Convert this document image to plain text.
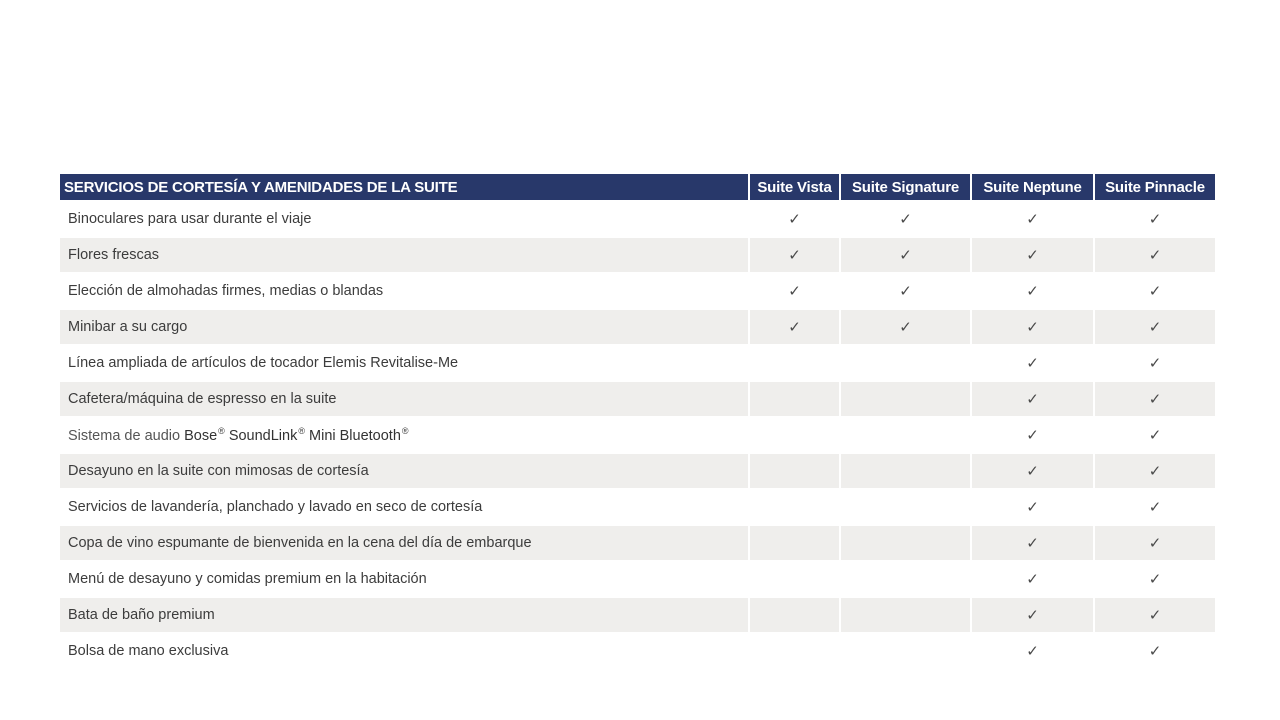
SERVICIOS DE CORTESÍA Y AMENIDADES DE LA SUITE	Suite Vista	Suite Signature	Suite Neptune	Suite Pinnacle
Binoculares para usar durante el viaje	✓	✓	✓	✓
Flores frescas	✓	✓	✓	✓
Elección de almohadas firmes, medias o blandas	✓	✓	✓	✓
Minibar a su cargo	✓	✓	✓	✓
Línea ampliada de artículos de tocador Elemis Revitalise-Me			✓	✓
Cafetera/máquina de espresso en la suite			✓	✓
Sistema de audio Bose® SoundLink® Mini Bluetooth®			✓	✓
Desayuno en la suite con mimosas de cortesía			✓	✓
Servicios de lavandería, planchado y lavado en seco de cortesía			✓	✓
Copa de vino espumante de bienvenida en la cena del día de embarque			✓	✓
Menú de desayuno y comidas premium en la habitación			✓	✓
Bata de baño premium			✓	✓
Bolsa de mano exclusiva			✓	✓
